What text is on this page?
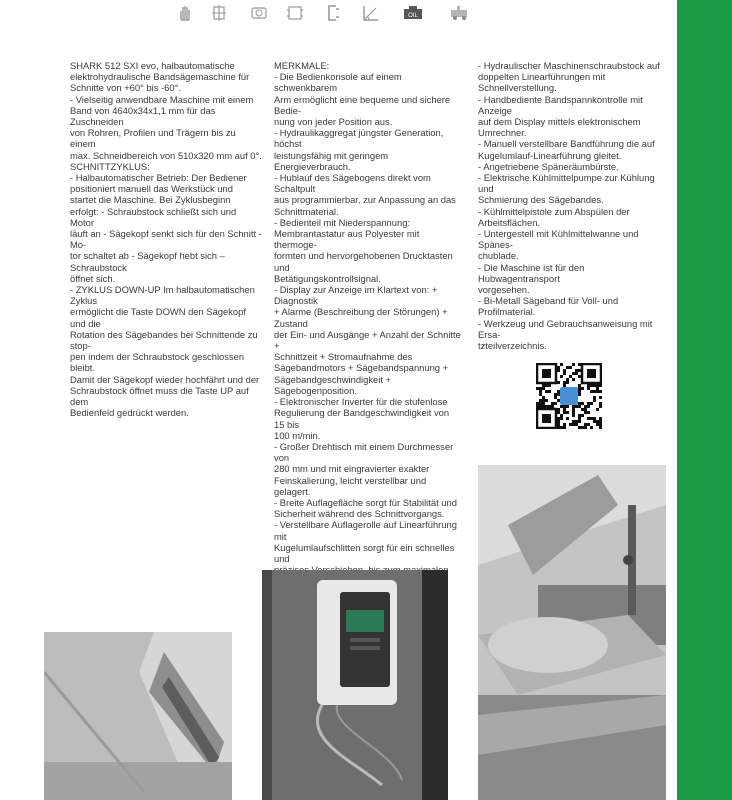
OIL

SHARK 512 SXI evo, halbautomatische

elektrohydraulische Bandsägemaschine für

Schnitte von +60° bis -60°.

- Vielseitig anwendbare Maschine mit einem

Band von 4640x34x1,1 mm für das Zuschneiden

von Rohren, Profilen und Trägern bis zu einem

max. Schneidbereich von 510x320 mm auf 0°.

SCHNITTZYKLUS:

- Halbautomatischer Betrieb: Der Bediener

positioniert manuell das Werkstück und

startet die Maschine. Bei Zyklusbeginn

erfolgt: - Schraubstock schließt sich und Motor

läuft an - Sägekopf senkt sich für den Schnitt - Mo-

tor schaltet ab - Sägekopf hebt sich –Schraubstock

öffnet sich.

- ZYKLUS DOWN-UP Im halbautomatischen Zyklus

ermöglicht die Taste DOWN den Sägekopf und die

Rotation des Sägebandes bei Schnittende zu stop-

pen indem der Schraubstock geschlossen bleibt.

Damit der Sägekopf wieder hochfährt und der

Schraubstock öffnet muss die Taste UP auf dem

Bedienfeld gedrückt werden.

MERKMALE:

- Die Bedienkonsole auf einem schwenkbarem

Arm ermöglicht eine bequeme und sichere Bedie-

nung von jeder Position aus.

- Hydraulikaggregat jüngster Generation, höchst

leistungsfähig mit geringem Energieverbrauch.

- Hublauf des Sägebogens direkt vom Schaltpult

aus programmierbar, zur Anpassung an das

Schnittmaterial.

- Bedienteil mit Niederspannung:

Membrantastatur aus Polyester mit thermoge-

formten und hervorgehobenen Drucktasten und

Betätigungskontrollsignal.

- Display zur Anzeige im Klartext von: + Diagnostik

+ Alarme (Beschreibung der Störungen) + Zustand

der Ein- und Ausgänge + Anzahl der Schnitte +

Schnittzeit + Stromaufnahme des

Sägebandmotors + Sägebandspannung +

Sägebandgeschwindigkeit + Sägebogenposition.

- Elektronischer Inverter für die stufenlose

Regulierung der Bandgeschwindigkeit von 15 bis

100 m/min.

- Großer Drehtisch mit einem Durchmesser von

280 mm und mit eingravierter exakter

Feinskalierung, leicht verstellbar und gelagert.

- Breite Auflagefläche sorgt für Stabilität und

Sicherheit während des Schnittvorgangs.

- Verstellbare Auflagerolle auf Linearführung mit

Kugelumlaufschlitten sorgt für ein schnelles und

- Hydraulischer Maschinenschraubstock auf

doppelten Linearführungen mit

Schnellverstellung.

- Handbediente Bandspannkontrolle mit Anzeige

auf dem Display mittels elektronischem

Umrechner.

- Manuell verstellbare Bandführung die auf

Kugelumlauf-Linearführung gleitet.

- Angetriebene Späneräumbürste.

- Elektrische Kühlmittelpumpe zur Kühlung und

Schmierung des Sägebandes.

- Kühlmittelpistole zum Abspülen der

Arbeitsflächen.

- Untergestell mit Kühlmittelwanne und Spänes-

chublade.

- Die Maschine ist für den Hubwagentransport

vorgesehen.

- Bi-Metall Sägeband für Voll- und Profilmaterial.

- Werkzeug und Gebrauchsanweisung mit Ersa-

tzteilverzeichnis.
